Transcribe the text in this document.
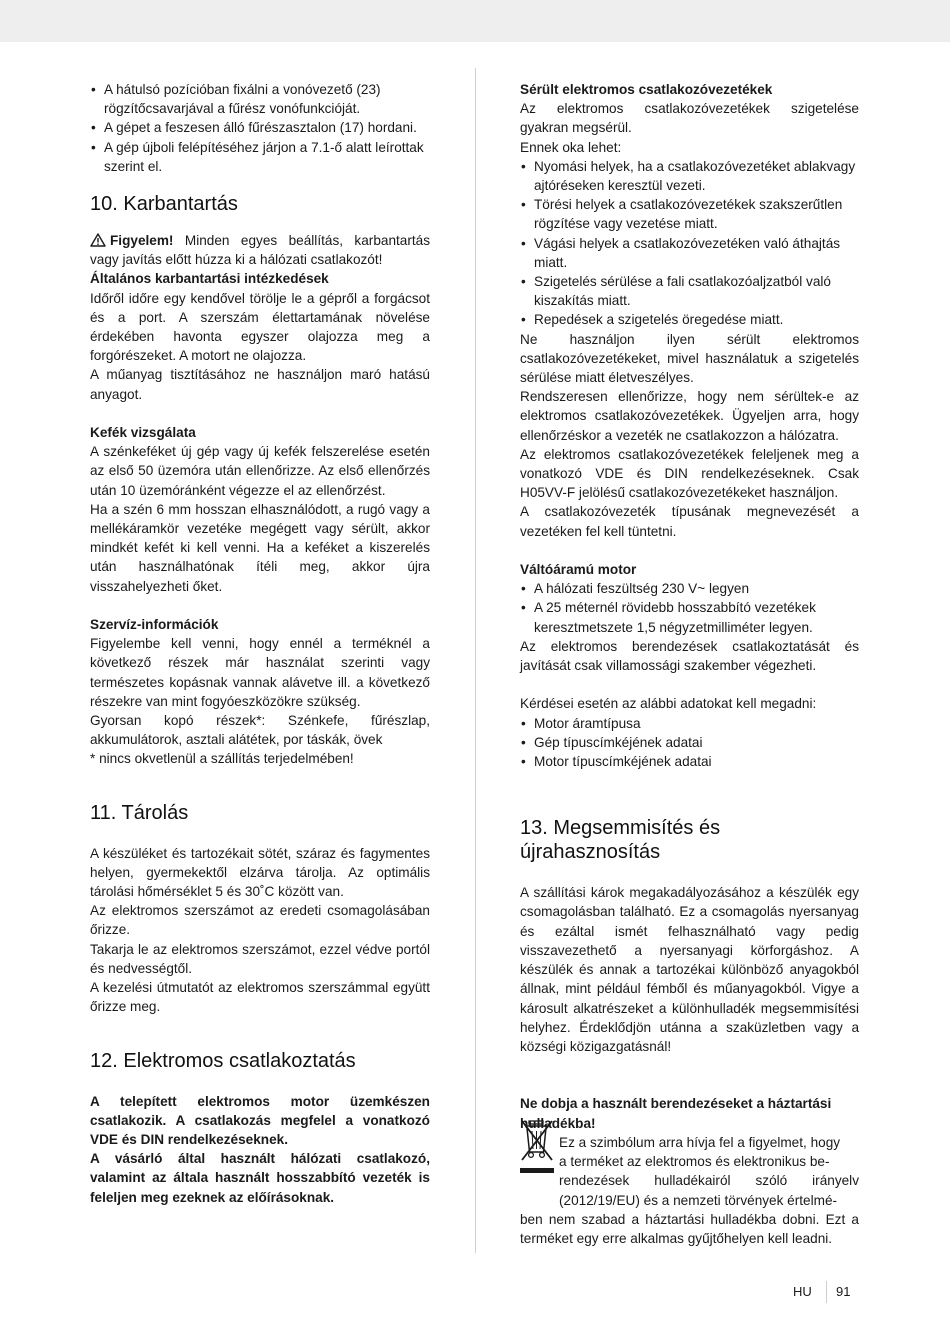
• A hátulsó pozícióban fixálni a vonóvezető (23) rögzítőcsavarjával a fűrész vonófunkcióját.
• A gépet a feszesen álló fűrészasztalon (17) hordani.
• A gép újboli felépítéséhez járjon a 7.1-ő alatt leírottak szerint el.
10. Karbantartás

Figyelem! Minden egyes beállítás, karbantartás vagy javítás előtt húzza ki a hálózati csatlakozót!

Általános karbantartási intézkedések

Időről időre egy kendővel törölje le a gépről a forgácsot és a port. A szerszám élettartamának növelése érdekében havonta egyszer olajozza meg a forgórészeket. A motort ne olajozza.

A műanyag tisztításához ne használjon maró hatású anyagot.

Kefék vizsgálata

A szénkeféket új gép vagy új kefék felszerelése esetén az első 50 üzemóra után ellenőrizze. Az első ellenőrzés után 10 üzemóránként végezze el az ellenőrzést.

Ha a szén 6 mm hosszan elhasználódott, a rugó vagy a mellékáramkör vezetéke megégett vagy sérült, akkor mindkét kefét ki kell venni. Ha a keféket a kiszerelés után használhatónak ítéli meg, akkor újra visszahelyezheti őket.

Szervíz-információk

Figyelembe kell venni, hogy ennél a terméknél a következő részek már használat szerinti vagy természetes kopásnak vannak alávetve ill. a következő részekre van mint fogyóeszközökre szükség.

Gyorsan kopó részek*: Szénkefe, fűrészlap, akkumulátorok, asztali alátétek, por táskák, övek

* nincs okvetlenül a szállítás terjedelmében!

11. Tárolás

A készüléket és tartozékait sötét, száraz és fagymentes helyen, gyermekektől elzárva tárolja. Az optimális tárolási hőmérséklet 5 és 30˚C között van.

Az elektromos szerszámot az eredeti csomagolásában őrizze.

Takarja le az elektromos szerszámot, ezzel védve portól és nedvességtől.

A kezelési útmutatót az elektromos szerszámmal együtt őrizze meg.

12. Elektromos csatlakoztatás

A telepített elektromos motor üzemkészen csatlakozik. A csatlakozás megfelel a vonatkozó VDE és DIN rendelkezéseknek.

A vásárló által használt hálózati csatlakozó, valamint az általa használt hosszabbító vezeték is feleljen meg ezeknek az előírásoknak.

Sérült elektromos csatlakozóvezetékek

Az elektromos csatlakozóvezetékek szigetelése gyakran megsérül.

Ennek oka lehet:

• Nyomási helyek, ha a csatlakozóvezetéket ablakvagy ajtóréseken keresztül vezeti.
• Törési helyek a csatlakozóvezetékek szakszerűtlen rögzítése vagy vezetése miatt.
• Vágási helyek a csatlakozóvezetéken való áthajtás miatt.
• Szigetelés sérülése a fali csatlakozóaljzatból való kiszakítás miatt.
• Repedések a szigetelés öregedése miatt.

Ne használjon ilyen sérült elektromos csatlakozóvezetékeket, mivel használatuk a szigetelés sérülése miatt életveszélyes.

Rendszeresen ellenőrizze, hogy nem sérültek-e az elektromos csatlakozóvezetékek. Ügyeljen arra, hogy ellenőrzéskor a vezeték ne csatlakozzon a hálózatra.

Az elektromos csatlakozóvezetékek feleljenek meg a vonatkozó VDE és DIN rendelkezéseknek. Csak H05VV-F jelölésű csatlakozóvezetékeket használjon.

A csatlakozóvezeték típusának megnevezését a vezetéken fel kell tüntetni.

Váltóáramú motor

• A hálózati feszültség 230 V~ legyen
• A 25 méternél rövidebb hosszabbító vezetékek keresztmetszete 1,5 négyzetmilliméter legyen.

Az elektromos berendezések csatlakoztatását és javítását csak villamossági szakember végezheti.

Kérdései esetén az alábbi adatokat kell megadni:

• Motor áramtípusa
• Gép típuscímkéjének adatai
• Motor típuscímkéjének adatai
13. Megsemmisítés és újrahasznosítás

A szállítási károk megakadályozásához a készülék egy csomagolásban található. Ez a csomagolás nyersanyag és ezáltal ismét felhasználható vagy pedig visszavezethető a nyersanyagi körforgáshoz. A készülék és annak a tartozékai különböző anyagokból állnak, mint például fémből és műanyagokból. Vigye a károsult alkatrészeket a különhulladék megsemmisítési helyhez. Érdeklődjön utánna a szaküzletben vagy a községi közigazgatásnál!

Ne dobja a használt berendezéseket a háztartási hulladékba!

Ez a szimbólum arra hívja fel a figyelmet, hogy

a terméket az elektromos és elektronikus be-

rendezések hulladékairól szóló irányelv

(2012/19/EU) és a nemzeti törvények értelmé-

ben nem szabad a háztartási hulladékba dobni. Ezt a terméket egy erre alkalmas gyűjtőhelyen kell leadni.

HU 91
